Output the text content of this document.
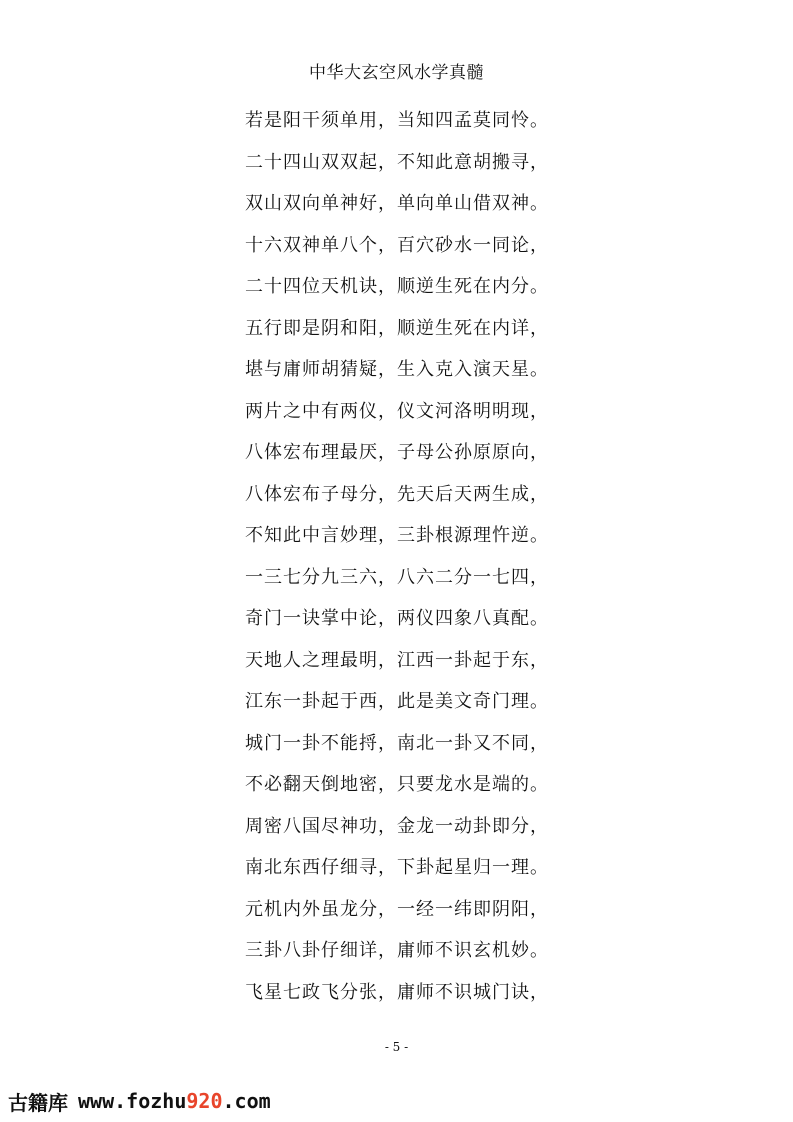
中华大玄空风水学真髓
若是阳干须单用，当知四孟莫同怜。
二十四山双双起，不知此意胡搬寻，
双山双向单神好，单向单山借双神。
十六双神单八个，百穴砂水一同论，
二十四位天机诀，顺逆生死在内分。
五行即是阴和阳，顺逆生死在内详，
堪与庸师胡猜疑，生入克入演天星。
两片之中有两仪，仪文河洛明明现，
八体宏布理最厌，子母公孙原原向，
八体宏布子母分，先天后天两生成，
不知此中言妙理，三卦根源理忤逆。
一三七分九三六，八六二分一七四，
奇门一诀掌中论，两仪四象八真配。
天地人之理最明，江西一卦起于东，
江东一卦起于西，此是美文奇门理。
城门一卦不能捋，南北一卦又不同，
不必翻天倒地密，只要龙水是端的。
周密八国尽神功，金龙一动卦即分，
南北东西仔细寻，下卦起星归一理。
元机内外虽龙分，一经一纬即阴阳，
三卦八卦仔细详，庸师不识玄机妙。
飞星七政飞分张，庸师不识城门诀，
- 5 -
古籍库 www.fozhu 920 .com
